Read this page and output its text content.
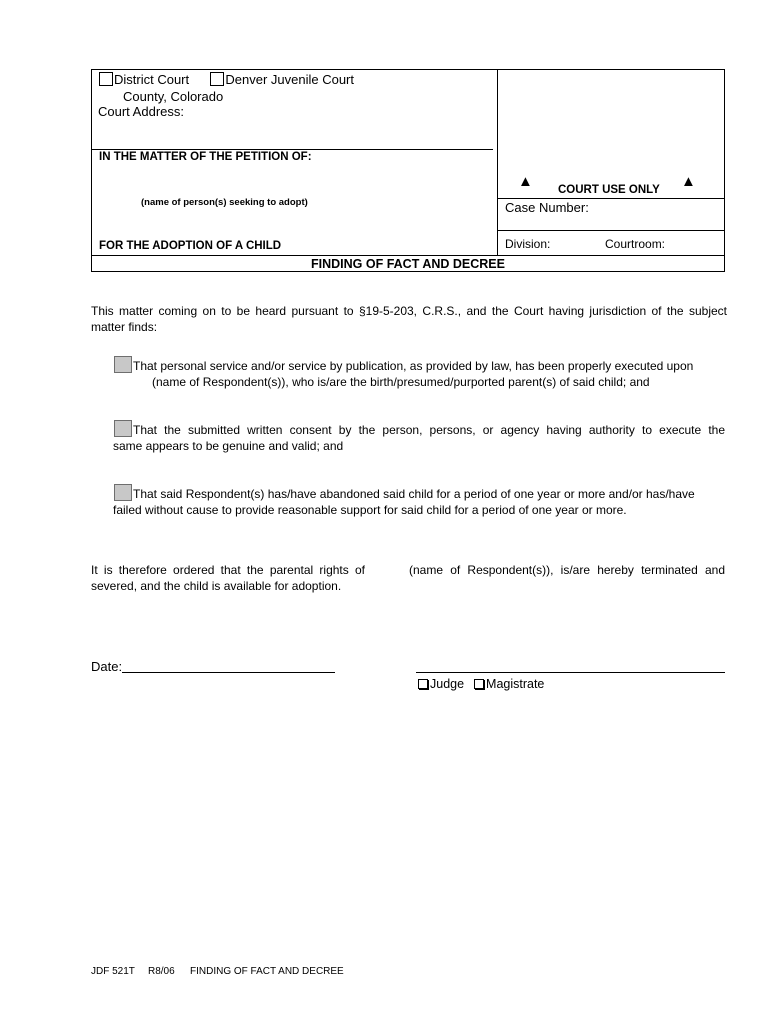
District Court	Denver Juvenile Court
County, Colorado
Court Address:
IN THE MATTER OF THE PETITION OF:
(name of person(s) seeking to adopt)
FOR THE ADOPTION OF A CHILD
▲	▲
COURT USE ONLY
Case Number:
Division:	Courtroom:
FINDING OF FACT AND DECREE
This matter coming on to be heard pursuant to §19-5-203, C.R.S., and the Court having jurisdiction of the subject matter finds:
That personal service and/or service by publication, as provided by law, has been properly executed upon
(name of Respondent(s)), who is/are the birth/presumed/purported parent(s) of said child; and
That the submitted written consent by the person, persons, or agency having authority to execute the
same appears to be genuine and valid; and
That said Respondent(s) has/have abandoned said child for a period of one year or more and/or has/have
failed without cause to provide reasonable support for said child for a period of one year or more.
It is therefore ordered that the parental rights of	(name of Respondent(s)), is/are hereby terminated and
severed, and the child is available for adoption.
Date:
Judge Magistrate
JDF 521T R8/06 FINDING OF FACT AND DECREE
